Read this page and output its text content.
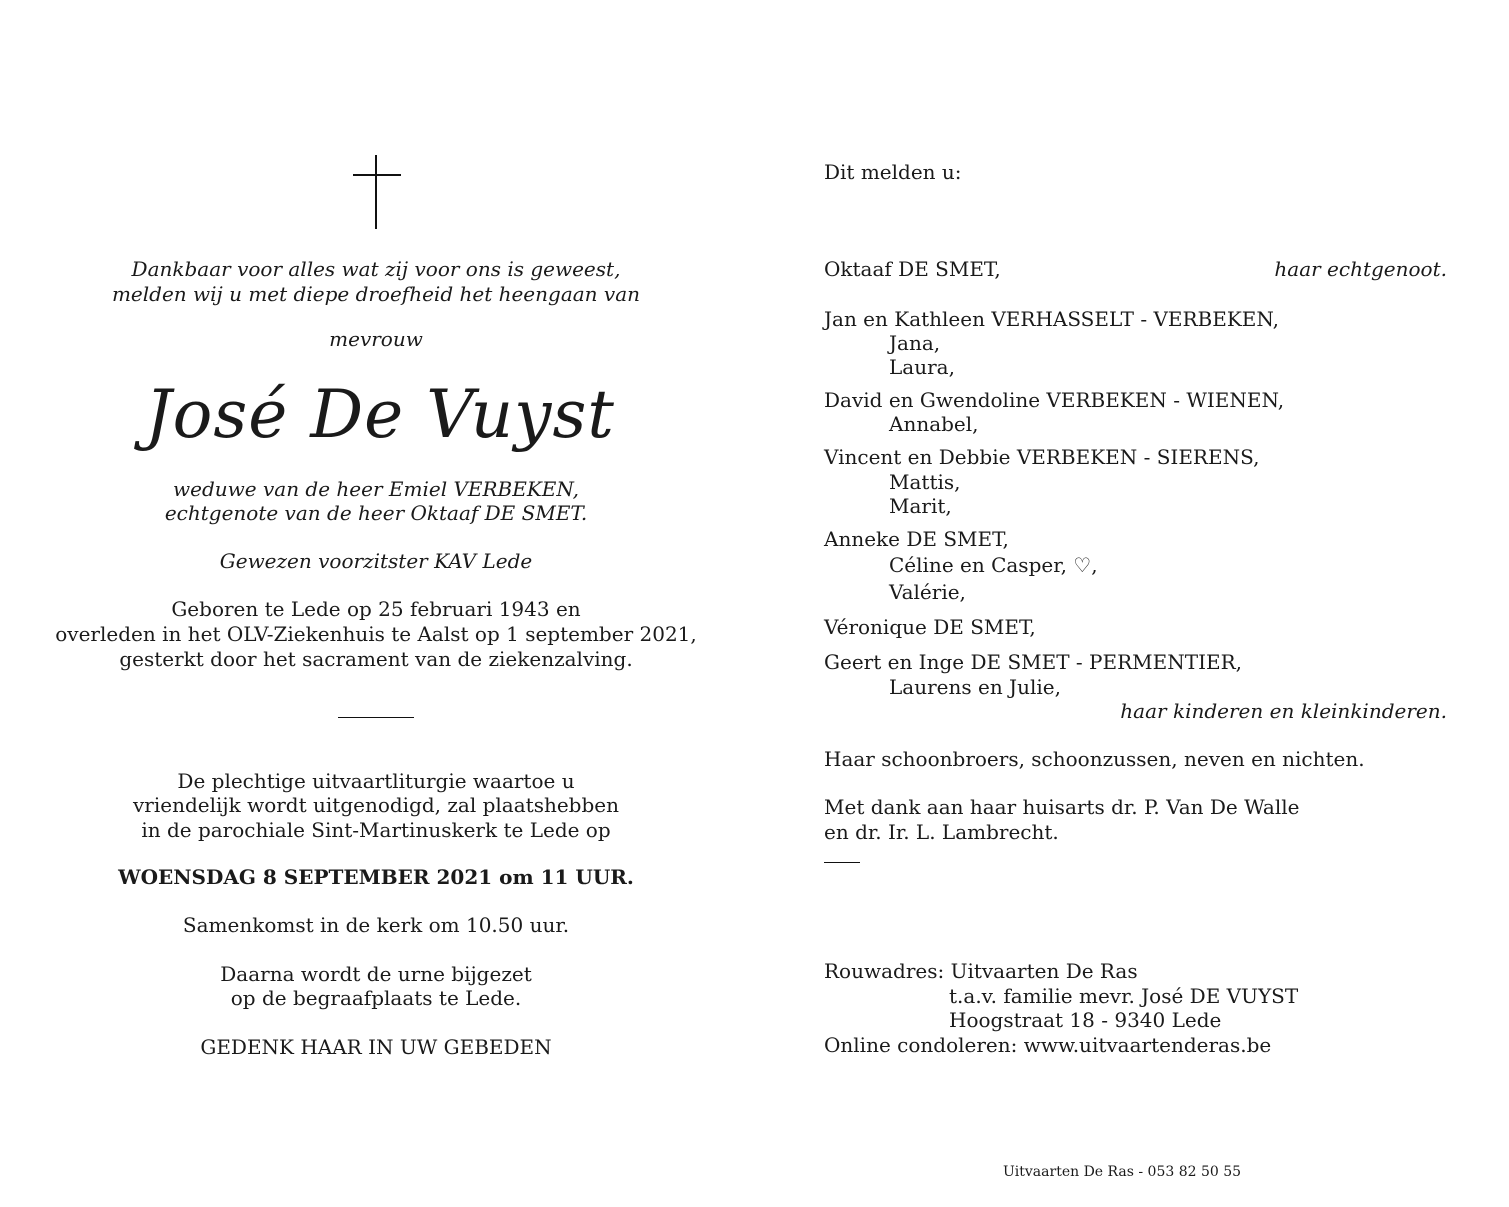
Dankbaar voor alles wat zij voor ons is geweest,
melden wij u met diepe droefheid het heengaan van
mevrouw
José De Vuyst
weduwe van de heer Emiel VERBEKEN,
echtgenote van de heer Oktaaf DE SMET.
Gewezen voorzitster KAV Lede
Geboren te Lede op 25 februari 1943 en
overleden in het OLV-Ziekenhuis te Aalst op 1 september 2021,
gesterkt door het sacrament van de ziekenzalving.
De plechtige uitvaartliturgie waartoe u
vriendelijk wordt uitgenodigd, zal plaatshebben
in de parochiale Sint-Martinuskerk te Lede op
WOENSDAG 8 SEPTEMBER 2021 om 11 UUR.
Samenkomst in de kerk om 10.50 uur.
Daarna wordt de urne bijgezet
op de begraafplaats te Lede.
GEDENK HAAR IN UW GEBEDEN
Dit melden u:
Oktaaf DE SMET,	haar echtgenoot.
Jan en Kathleen VERHASSELT - VERBEKEN,
Jana,
Laura,
David en Gwendoline VERBEKEN - WIENEN,
Annabel,
Vincent en Debbie VERBEKEN - SIERENS,
Mattis,
Marit,
Anneke DE SMET,
Céline en Casper, ♡,
Valérie,
Véronique DE SMET,
Geert en Inge DE SMET - PERMENTIER,
Laurens en Julie,
haar kinderen en kleinkinderen.
Haar schoonbroers, schoonzussen, neven en nichten.
Met dank aan haar huisarts dr. P. Van De Walle
en dr. Ir. L. Lambrecht.
Rouwadres: Uitvaarten De Ras
t.a.v. familie mevr. José DE VUYST
Hoogstraat 18 - 9340 Lede
Online condoleren: www.uitvaartenderas.be
Uitvaarten De Ras - 053 82 50 55
